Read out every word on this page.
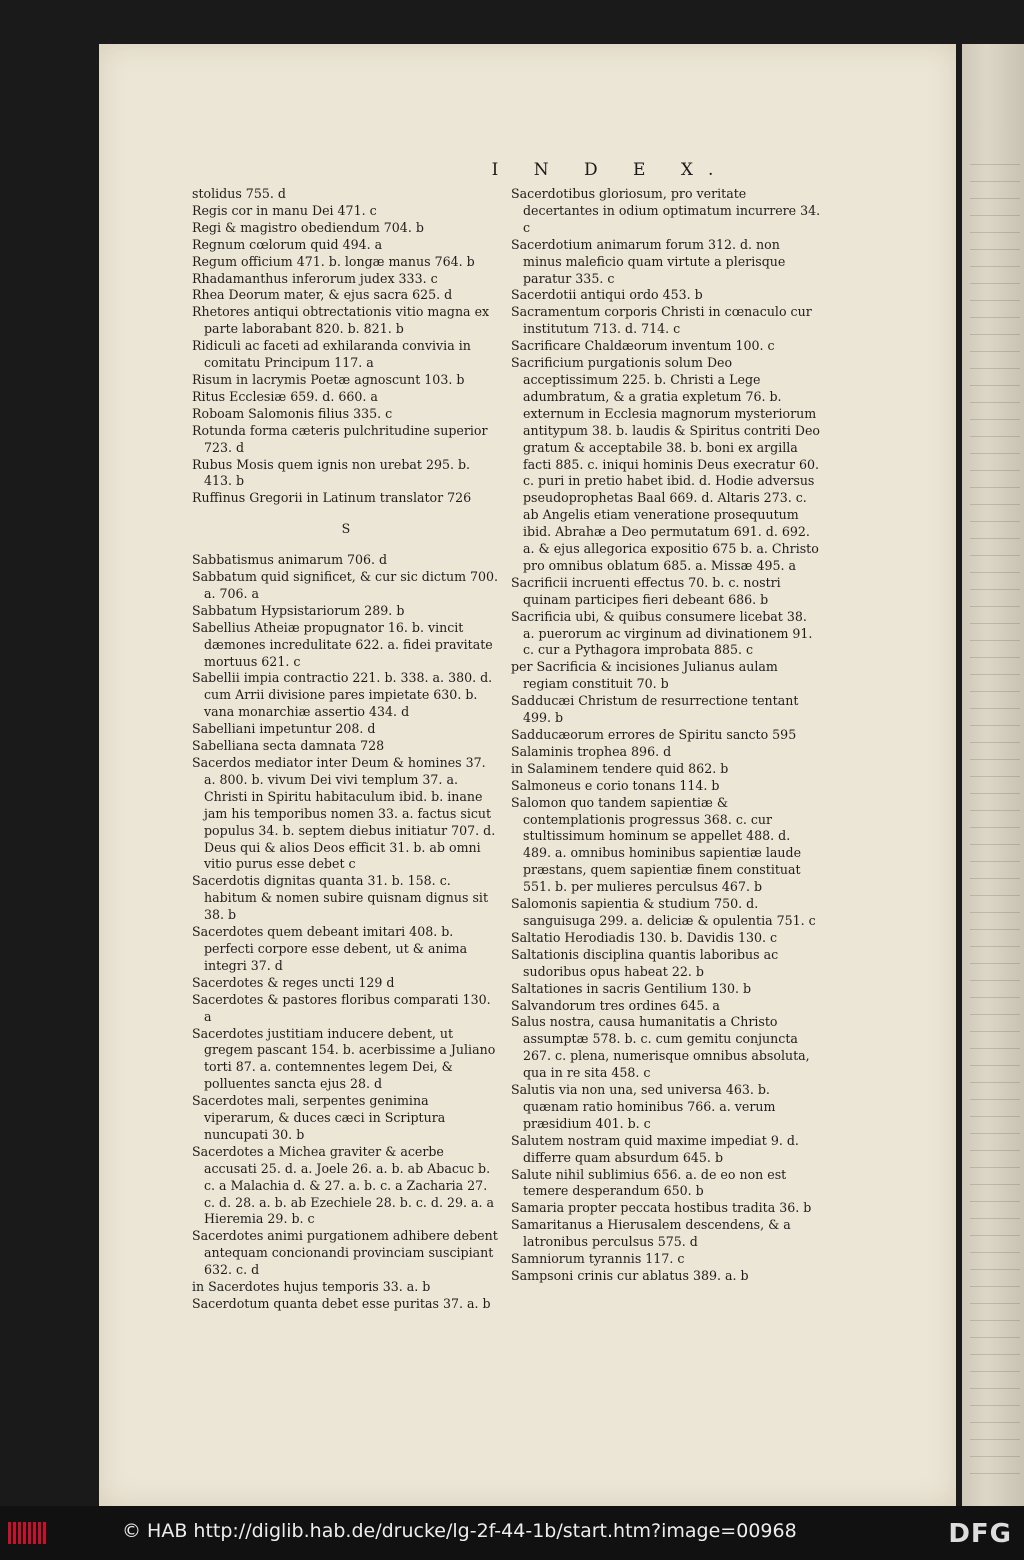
I N D E X.
stolidus 755. d
Regis cor in manu Dei 471. c
Regi & magistro obediendum 704. b
Regnum cœlorum quid 494. a
Regum officium 471. b. longæ manus 764. b
Rhadamanthus inferorum judex 333. c
Rhea Deorum mater, & ejus sacra 625. d
Rhetores antiqui obtrectationis vitio magna ex parte laborabant 820. b. 821. b
Ridiculi ac faceti ad exhilaranda convivia in comitatu Principum 117. a
Risum in lacrymis Poetæ agnoscunt 103. b
Ritus Ecclesiæ 659. d. 660. a
Roboam Salomonis filius 335. c
Rotunda forma cæteris pulchritudine superior 723. d
Rubus Mosis quem ignis non urebat 295. b. 413. b
Ruffinus Gregorii in Latinum translator 726
S
Sabbatismus animarum 706. d
Sabbatum quid significet, & cur sic dictum 700. a. 706. a
Sabbatum Hypsistariorum 289. b
Sabellius Atheiæ propugnator 16. b. vincit dæmones incredulitate 622. a. fidei pravitate mortuus 621. c
Sabellii impia contractio 221. b. 338. a. 380. d. cum Arrii divisione pares impietate 630. b. vana monarchiæ assertio 434. d
Sabelliani impetuntur 208. d
Sabelliana secta damnata 728
Sacerdos mediator inter Deum & homines 37. a. 800. b. vivum Dei vivi templum 37. a. Christi in Spiritu habitaculum ibid. b. inane jam his temporibus nomen 33. a. factus sicut populus 34. b. septem diebus initiatur 707. d. Deus qui & alios Deos efficit 31. b. ab omni vitio purus esse debet c
Sacerdotis dignitas quanta 31. b. 158. c. habitum & nomen subire quisnam dignus sit 38. b
Sacerdotes quem debeant imitari 408. b. perfecti corpore esse debent, ut & anima integri 37. d
Sacerdotes & reges uncti 129 d
Sacerdotes & pastores floribus comparati 130. a
Sacerdotes justitiam inducere debent, ut gregem pascant 154. b. acerbissime a Juliano torti 87. a. contemnentes legem Dei, & polluentes sancta ejus 28. d
Sacerdotes mali, serpentes genimina viperarum, & duces cæci in Scriptura nuncupati 30. b
Sacerdotes a Michea graviter & acerbe accusati 25. d. a. Joele 26. a. b. ab Abacuc b. c. a Malachia d. & 27. a. b. c. a Zacharia 27. c. d. 28. a. b. ab Ezechiele 28. b. c. d. 29. a. a Hieremia 29. b. c
Sacerdotes animi purgationem adhibere debent antequam concionandi provinciam suscipiant 632. c. d
in Sacerdotes hujus temporis 33. a. b
Sacerdotum quanta debet esse puritas 37. a. b
Sacerdotibus gloriosum, pro veritate decertantes in odium optimatum incurrere 34. c
Sacerdotium animarum forum 312. d. non minus maleficio quam virtute a plerisque paratur 335. c
Sacerdotii antiqui ordo 453. b
Sacramentum corporis Christi in cœnaculo cur institutum 713. d. 714. c
Sacrificare Chaldæorum inventum 100. c
Sacrificium purgationis solum Deo acceptissimum 225. b. Christi a Lege adumbratum, & a gratia expletum 76. b. externum in Ecclesia magnorum mysteriorum antitypum 38. b. laudis & Spiritus contriti Deo gratum & acceptabile 38. b. boni ex argilla facti 885. c. iniqui hominis Deus execratur 60. c. puri in pretio habet ibid. d. Hodie adversus pseudoprophetas Baal 669. d. Altaris 273. c. ab Angelis etiam veneratione prosequutum ibid. Abrahæ a Deo permutatum 691. d. 692. a. & ejus allegorica expositio 675 b. a. Christo pro omnibus oblatum 685. a. Missæ 495. a
Sacrificii incruenti effectus 70. b. c. nostri quinam participes fieri debeant 686. b
Sacrificia ubi, & quibus consumere licebat 38. a. puerorum ac virginum ad divinationem 91. c. cur a Pythagora improbata 885. c
per Sacrificia & incisiones Julianus aulam regiam constituit 70. b
Sadducæi Christum de resurrectione tentant 499. b
Sadducæorum errores de Spiritu sancto 595
Salaminis trophea 896. d
in Salaminem tendere quid 862. b
Salmoneus e corio tonans 114. b
Salomon quo tandem sapientiæ & contemplationis progressus 368. c. cur stultissimum hominum se appellet 488. d. 489. a. omnibus hominibus sapientiæ laude præstans, quem sapientiæ finem constituat 551. b. per mulieres perculsus 467. b
Salomonis sapientia & studium 750. d. sanguisuga 299. a. deliciæ & opulentia 751. c
Saltatio Herodiadis 130. b. Davidis 130. c
Saltationis disciplina quantis laboribus ac sudoribus opus habeat 22. b
Saltationes in sacris Gentilium 130. b
Salvandorum tres ordines 645. a
Salus nostra, causa humanitatis a Christo assumptæ 578. b. c. cum gemitu conjuncta 267. c. plena, numerisque omnibus absoluta, qua in re sita 458. c
Salutis via non una, sed universa 463. b. quænam ratio hominibus 766. a. verum præsidium 401. b. c
Salutem nostram quid maxime impediat 9. d. differre quam absurdum 645. b
Salute nihil sublimius 656. a. de eo non est temere desperandum 650. b
Samaria propter peccata hostibus tradita 36. b
Samaritanus a Hierusalem descendens, & a latronibus perculsus 575. d
Samniorum tyrannis 117. c
Sampsoni crinis cur ablatus 389. a. b
© HAB http://diglib.hab.de/drucke/lg-2f-44-1b/start.htm?image=00968	DFG
